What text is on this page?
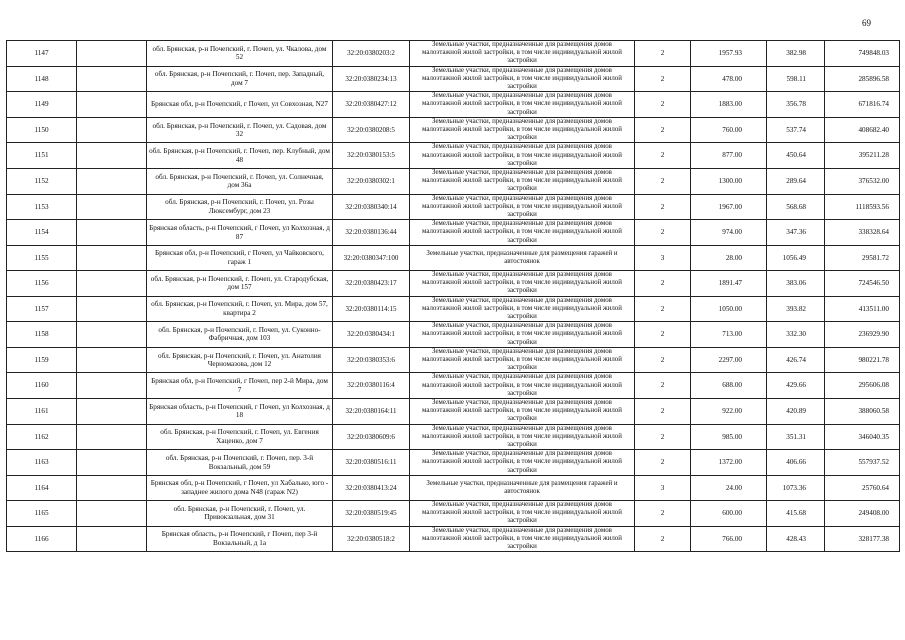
69
1147		обл. Брянская, р-н Почепский, г. Почеп, ул. Чкалова, дом 52	32:20:0380203:2	Земельные участки, предназначенные для размещения домов малоэтажной жилой застройки, в том числе индивидуальной жилой застройки	2	1957.93	382.98	749848.03
1148		обл. Брянская, р-н Почепский, г. Почеп, пер. Западный, дом 7	32:20:0380234:13	Земельные участки, предназначенные для размещения домов малоэтажной жилой застройки, в том числе индивидуальной жилой застройки	2	478.00	598.11	285896.58
1149		Брянская обл, р-н Почепский, г Почеп, ул Совхозная, N27	32:20:0380427:12	Земельные участки, предназначенные для размещения домов малоэтажной жилой застройки, в том числе индивидуальной жилой застройки	2	1883.00	356.78	671816.74
1150		обл. Брянская, р-н Почепский, г. Почеп, ул. Садовая, дом 32	32:20:0380208:5	Земельные участки, предназначенные для размещения домов малоэтажной жилой застройки, в том числе индивидуальной жилой застройки	2	760.00	537.74	408682.40
1151		обл. Брянская, р-н Почепский, г. Почеп, пер. Клубный, дом 48	32:20:0380153:5	Земельные участки, предназначенные для размещения домов малоэтажной жилой застройки, в том числе индивидуальной жилой застройки	2	877.00	450.64	395211.28
1152		обл. Брянская, р-н Почепский, г. Почеп, ул. Солнечная, дом 36а	32:20:0380302:1	Земельные участки, предназначенные для размещения домов малоэтажной жилой застройки, в том числе индивидуальной жилой застройки	2	1300.00	289.64	376532.00
1153		обл. Брянская, р-н Почепский, г. Почеп, ул. Розы Люксембург, дом 23	32:20:0380340:14	Земельные участки, предназначенные для размещения домов малоэтажной жилой застройки, в том числе индивидуальной жилой застройки	2	1967.00	568.68	1118593.56
1154		Брянская область, р-н Почепский, г Почеп, ул Колхозная, д 87	32:20:0380136:44	Земельные участки, предназначенные для размещения домов малоэтажной жилой застройки, в том числе индивидуальной жилой застройки	2	974.00	347.36	338328.64
1155		Брянская обл, р-н Почепский, г Почеп, ул Чайковского, гараж 1	32:20:0380347:100	Земельные участки, предназначенные для размещения гаражей и автостоянок	3	28.00	1056.49	29581.72
1156		обл. Брянская, р-н Почепский, г. Почеп, ул. Стародубская, дом 157	32:20:0380423:17	Земельные участки, предназначенные для размещения домов малоэтажной жилой застройки, в том числе индивидуальной жилой застройки	2	1891.47	383.06	724546.50
1157		обл. Брянская, р-н Почепский, г. Почеп, ул. Мира, дом 57, квартира 2	32:20:0380114:15	Земельные участки, предназначенные для размещения домов малоэтажной жилой застройки, в том числе индивидуальной жилой застройки	2	1050.00	393.82	413511.00
1158		обл. Брянская, р-н Почепский, г. Почеп, ул. Суконно-Фабричная, дом 103	32:20:0380434:1	Земельные участки, предназначенные для размещения домов малоэтажной жилой застройки, в том числе индивидуальной жилой застройки	2	713.00	332.30	236929.90
1159		обл. Брянская, р-н Почепский, г. Почеп, ул. Анатолия Черномазова, дом 12	32:20:0380353:6	Земельные участки, предназначенные для размещения домов малоэтажной жилой застройки, в том числе индивидуальной жилой застройки	2	2297.00	426.74	980221.78
1160		Брянская обл, р-н Почепский, г Почеп, пер 2-й Мира, дом 7	32:20:0380116:4	Земельные участки, предназначенные для размещения домов малоэтажной жилой застройки, в том числе индивидуальной жилой застройки	2	688.00	429.66	295606.08
1161		Брянская область, р-н Почепский, г Почеп, ул Колхозная, д 18	32:20:0380164:11	Земельные участки, предназначенные для размещения домов малоэтажной жилой застройки, в том числе индивидуальной жилой застройки	2	922.00	420.89	388060.58
1162		обл. Брянская, р-н Почепский, г. Почеп, ул. Евгения Хаценко, дом 7	32:20:0380609:6	Земельные участки, предназначенные для размещения домов малоэтажной жилой застройки, в том числе индивидуальной жилой застройки	2	985.00	351.31	346040.35
1163		обл. Брянская, р-н Почепский, г. Почеп, пер. 3-й Вокзальный, дом 59	32:20:0380516:11	Земельные участки, предназначенные для размещения домов малоэтажной жилой застройки, в том числе индивидуальной жилой застройки	2	1372.00	406.66	557937.52
1164		Брянская обл, р-н Почепский, г Почеп, ул Хабалько, юго - западнее жилого дома N48 (гараж N2)	32:20:0380413:24	Земельные участки, предназначенные для размещения гаражей и автостоянок	3	24.00	1073.36	25760.64
1165		обл. Брянская, р-н Почепский, г. Почеп, ул. Привокзальная, дом 31	32:20:0380519:45	Земельные участки, предназначенные для размещения домов малоэтажной жилой застройки, в том числе индивидуальной жилой застройки	2	600.00	415.68	249408.00
1166		Брянская область, р-н Почепский, г Почеп, пер 3-й Вокзальный, д 1а	32:20:0380518:2	Земельные участки, предназначенные для размещения домов малоэтажной жилой застройки, в том числе индивидуальной жилой застройки	2	766.00	428.43	328177.38
